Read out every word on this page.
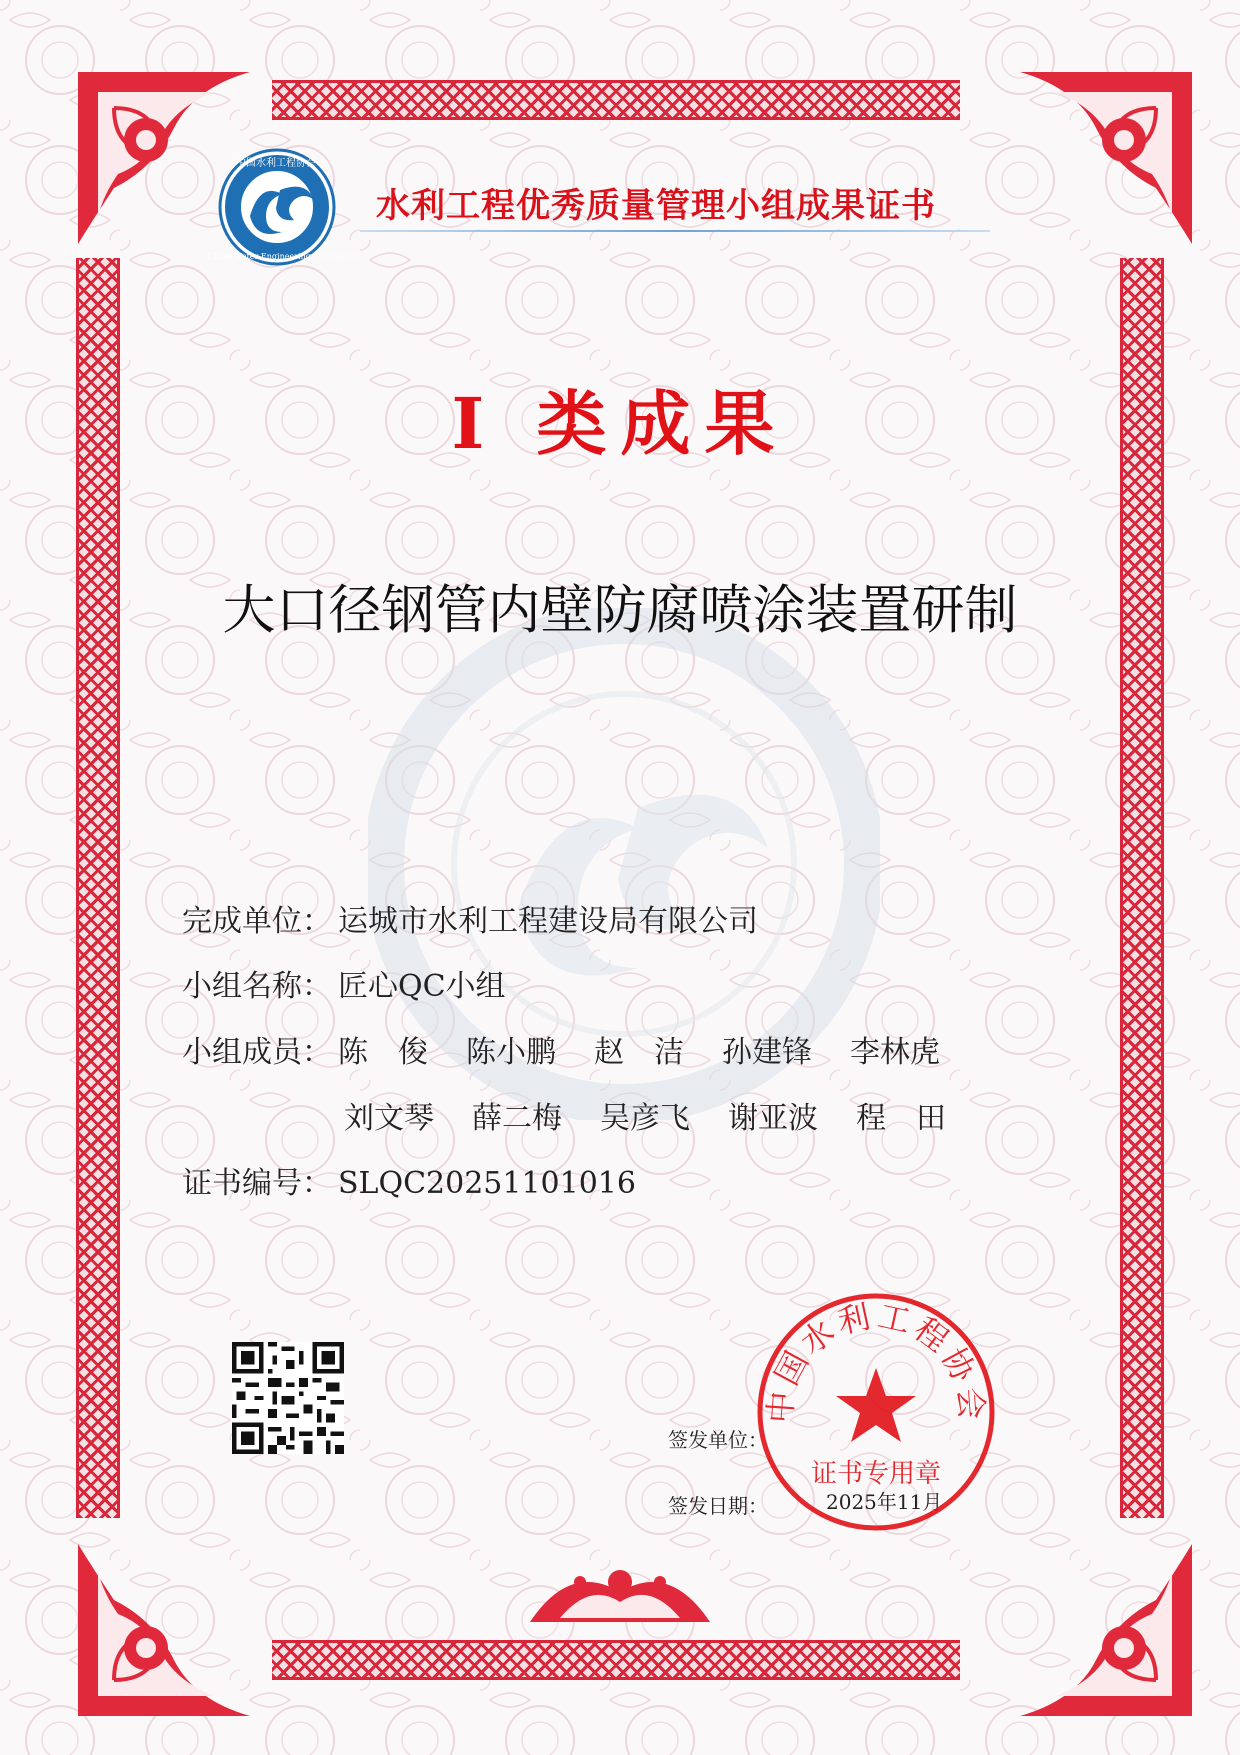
中国水利工程协会
China Water Engineering Association
水利工程优秀质量管理小组成果证书
I 类成果
大口径钢管内壁防腐喷涂装置研制
完成单位： 运城市水利工程建设局有限公司
小组名称： 匠心QC小组
小组成员： 陈　俊 陈小鹏 赵　洁 孙建锋 李林虎
刘文琴 薛二梅 吴彦飞 谢亚波 程　田
证书编号： SLQC20251101016
签发单位：
签发日期：	2025年11月
中国水利工程协会
证书专用章
